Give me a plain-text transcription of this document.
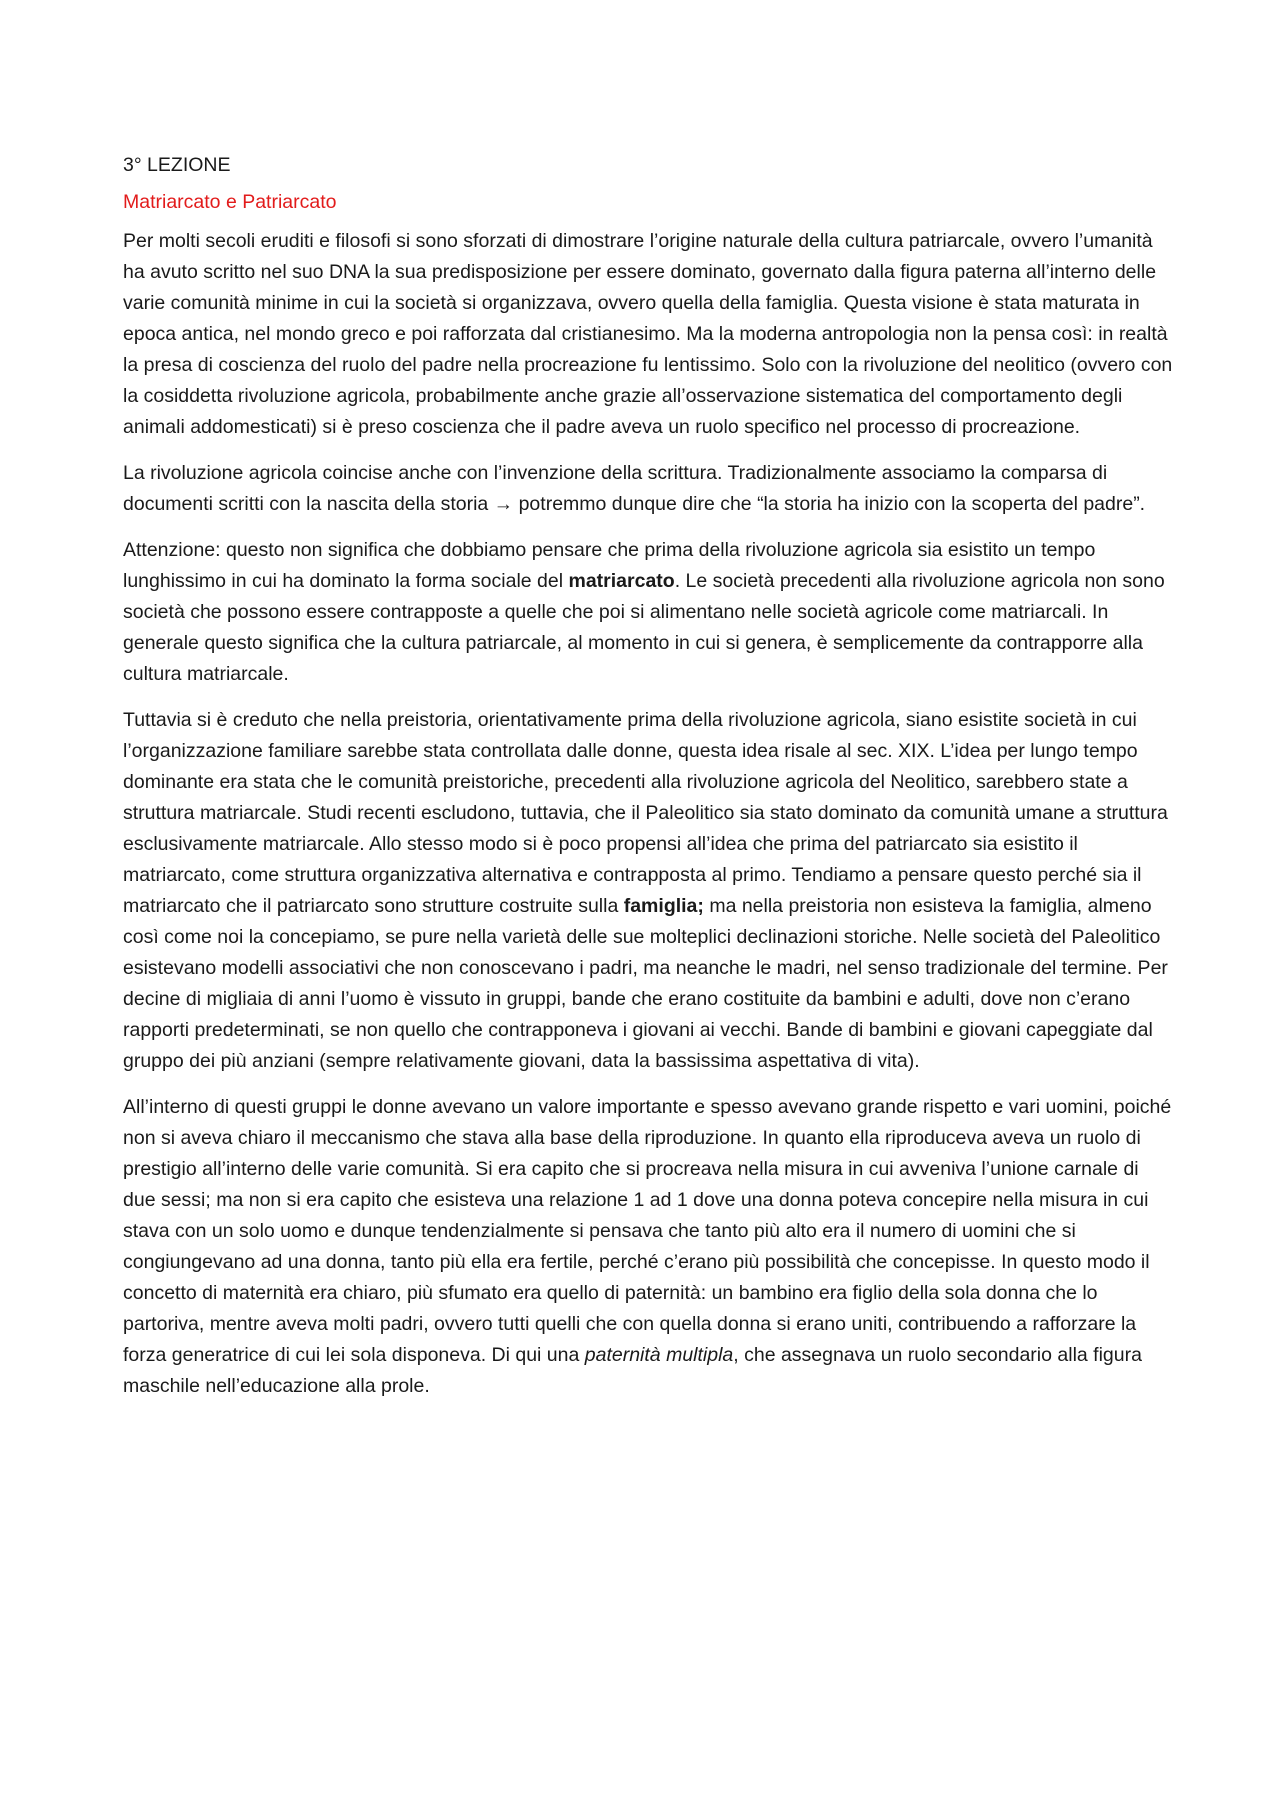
3° LEZIONE
Matriarcato e Patriarcato

Per molti secoli eruditi e filosofi si sono sforzati di dimostrare l’origine naturale della cultura patriarcale, ovvero l’umanità ha avuto scritto nel suo DNA la sua predisposizione per essere dominato, governato dalla figura paterna all’interno delle varie comunità minime in cui la società si organizzava, ovvero quella della famiglia. Questa visione è stata maturata in epoca antica, nel mondo greco e poi rafforzata dal cristianesimo. Ma la moderna antropologia non la pensa così: in realtà la presa di coscienza del ruolo del padre nella procreazione fu lentissimo. Solo con la rivoluzione del neolitico (ovvero con la cosiddetta rivoluzione agricola, probabilmente anche grazie all’osservazione sistematica del comportamento degli animali addomesticati) si è preso coscienza che il padre aveva un ruolo specifico nel processo di procreazione.

La rivoluzione agricola coincise anche con l’invenzione della scrittura. Tradizionalmente associamo la comparsa di documenti scritti con la nascita della storia → potremmo dunque dire che “la storia ha inizio con la scoperta del padre”.

Attenzione: questo non significa che dobbiamo pensare che prima della rivoluzione agricola sia esistito un tempo lunghissimo in cui ha dominato la forma sociale del matriarcato. Le società precedenti alla rivoluzione agricola non sono società che possono essere contrapposte a quelle che poi si alimentano nelle società agricole come matriarcali. In generale questo significa che la cultura patriarcale, al momento in cui si genera, è semplicemente da contrapporre alla cultura matriarcale.

Tuttavia si è creduto che nella preistoria, orientativamente prima della rivoluzione agricola, siano esistite società in cui l’organizzazione familiare sarebbe stata controllata dalle donne, questa idea risale al sec. XIX. L’idea per lungo tempo dominante era stata che le comunità preistoriche, precedenti alla rivoluzione agricola del Neolitico, sarebbero state a struttura matriarcale. Studi recenti escludono, tuttavia, che il Paleolitico sia stato dominato da comunità umane a struttura esclusivamente matriarcale. Allo stesso modo si è poco propensi all’idea che prima del patriarcato sia esistito il matriarcato, come struttura organizzativa alternativa e contrapposta al primo. Tendiamo a pensare questo perché sia il matriarcato che il patriarcato sono strutture costruite sulla famiglia; ma nella preistoria non esisteva la famiglia, almeno così come noi la concepiamo, se pure nella varietà delle sue molteplici declinazioni storiche. Nelle società del Paleolitico esistevano modelli associativi che non conoscevano i padri, ma neanche le madri, nel senso tradizionale del termine. Per decine di migliaia di anni l’uomo è vissuto in gruppi, bande che erano costituite da bambini e adulti, dove non c’erano rapporti predeterminati, se non quello che contrapponeva i giovani ai vecchi. Bande di bambini e giovani capeggiate dal gruppo dei più anziani (sempre relativamente giovani, data la bassissima aspettativa di vita).

All’interno di questi gruppi le donne avevano un valore importante e spesso avevano grande rispetto e vari uomini, poiché non si aveva chiaro il meccanismo che stava alla base della riproduzione. In quanto ella riproduceva aveva un ruolo di prestigio all’interno delle varie comunità. Si era capito che si procreava nella misura in cui avveniva l’unione carnale di due sessi; ma non si era capito che esisteva una relazione 1 ad 1 dove una donna poteva concepire nella misura in cui stava con un solo uomo e dunque tendenzialmente si pensava che tanto più alto era il numero di uomini che si congiungevano ad una donna, tanto più ella era fertile, perché c’erano più possibilità che concepisse. In questo modo il concetto di maternità era chiaro, più sfumato era quello di paternità: un bambino era figlio della sola donna che lo partoriva, mentre aveva molti padri, ovvero tutti quelli che con quella donna si erano uniti, contribuendo a rafforzare la forza generatrice di cui lei sola disponeva. Di qui una paternità multipla, che assegnava un ruolo secondario alla figura maschile nell’educazione alla prole.
